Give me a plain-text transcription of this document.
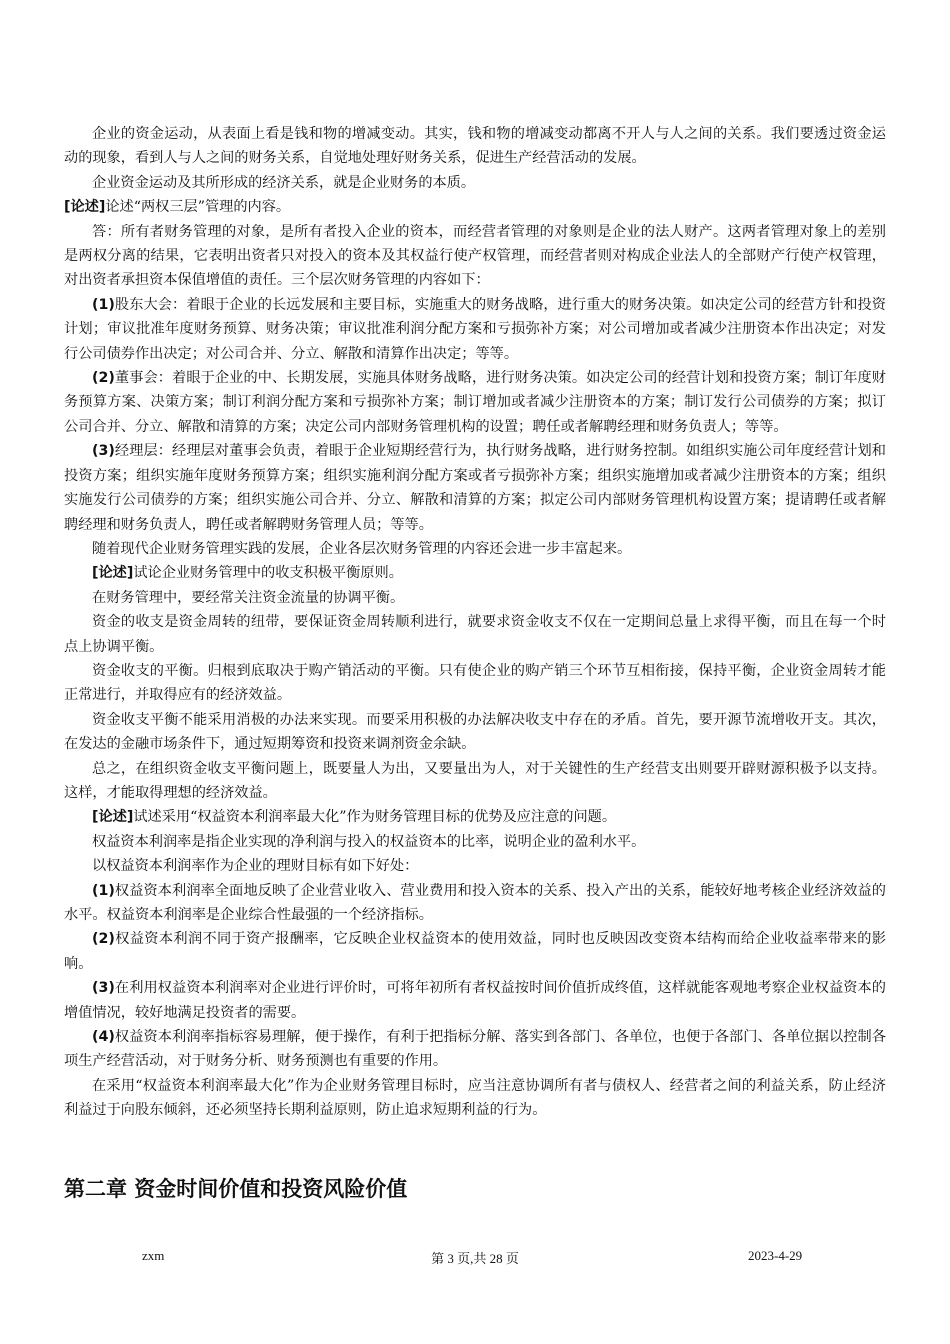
企业的资金运动，从表面上看是钱和物的增减变动。其实，钱和物的增减变动都离不开人与人之间的关系。我们要透过资金运动的现象，看到人与人之间的财务关系，自觉地处理好财务关系，促进生产经营活动的发展。

企业资金运动及其所形成的经济关系，就是企业财务的本质。

[论述]论述“两权三层”管理的内容。

答：所有者财务管理的对象，是所有者投入企业的资本，而经营者管理的对象则是企业的法人财产。这两者管理对象上的差别是两权分离的结果，它表明出资者只对投入的资本及其权益行使产权管理，而经营者则对构成企业法人的全部财产行使产权管理，对出资者承担资本保值增值的责任。三个层次财务管理的内容如下：

(1)股东大会：着眼于企业的长远发展和主要目标，实施重大的财务战略，进行重大的财务决策。如决定公司的经营方针和投资计划；审议批准年度财务预算、财务决策；审议批准利润分配方案和亏损弥补方案；对公司增加或者减少注册资本作出决定；对发行公司债券作出决定；对公司合并、分立、解散和清算作出决定；等等。

(2)董事会：着眼于企业的中、长期发展，实施具体财务战略，进行财务决策。如决定公司的经营计划和投资方案；制订年度财务预算方案、决策方案；制订利润分配方案和亏损弥补方案；制订增加或者减少注册资本的方案；制订发行公司债券的方案；拟订公司合并、分立、解散和清算的方案；决定公司内部财务管理机构的设置；聘任或者解聘经理和财务负责人；等等。

(3)经理层：经理层对董事会负责，着眼于企业短期经营行为，执行财务战略，进行财务控制。如组织实施公司年度经营计划和投资方案；组织实施年度财务预算方案；组织实施利润分配方案或者亏损弥补方案；组织实施增加或者减少注册资本的方案；组织实施发行公司债券的方案；组织实施公司合并、分立、解散和清算的方案；拟定公司内部财务管理机构设置方案；提请聘任或者解聘经理和财务负责人，聘任或者解聘财务管理人员；等等。

随着现代企业财务管理实践的发展，企业各层次财务管理的内容还会进一步丰富起来。

[论述]试论企业财务管理中的收支积极平衡原则。

在财务管理中，要经常关注资金流量的协调平衡。

资金的收支是资金周转的纽带，要保证资金周转顺利进行，就要求资金收支不仅在一定期间总量上求得平衡，而且在每一个时点上协调平衡。

资金收支的平衡。归根到底取决于购产销活动的平衡。只有使企业的购产销三个环节互相衔接，保持平衡，企业资金周转才能正常进行，并取得应有的经济效益。

资金收支平衡不能采用消极的办法来实现。而要采用积极的办法解决收支中存在的矛盾。首先，要开源节流增收开支。其次，在发达的金融市场条件下，通过短期筹资和投资来调剂资金余缺。

总之，在组织资金收支平衡问题上，既要量人为出，又要量出为人，对于关键性的生产经营支出则要开辟财源积极予以支持。这样，才能取得理想的经济效益。

[论述]试述采用“权益资本利润率最大化”作为财务管理目标的优势及应注意的问题。

权益资本利润率是指企业实现的净利润与投入的权益资本的比率，说明企业的盈利水平。

以权益资本利润率作为企业的理财目标有如下好处：

(1)权益资本利润率全面地反映了企业营业收入、营业费用和投入资本的关系、投入产出的关系，能较好地考核企业经济效益的水平。权益资本利润率是企业综合性最强的一个经济指标。

(2)权益资本利润不同于资产报酬率，它反映企业权益资本的使用效益，同时也反映因改变资本结构而给企业收益率带来的影响。

(3)在利用权益资本利润率对企业进行评价时，可将年初所有者权益按时间价值折成终值，这样就能客观地考察企业权益资本的增值情况，较好地满足投资者的需要。

(4)权益资本利润率指标容易理解，便于操作，有利于把指标分解、落实到各部门、各单位，也便于各部门、各单位据以控制各项生产经营活动，对于财务分析、财务预测也有重要的作用。

在采用“权益资本利润率最大化”作为企业财务管理目标时，应当注意协调所有者与债权人、经营者之间的利益关系，防止经济利益过于向股东倾斜，还必须坚持长期利益原则，防止追求短期利益的行为。

第二章 资金时间价值和投资风险价值
zxm	第 3 页,共 28 页	2023-4-29
